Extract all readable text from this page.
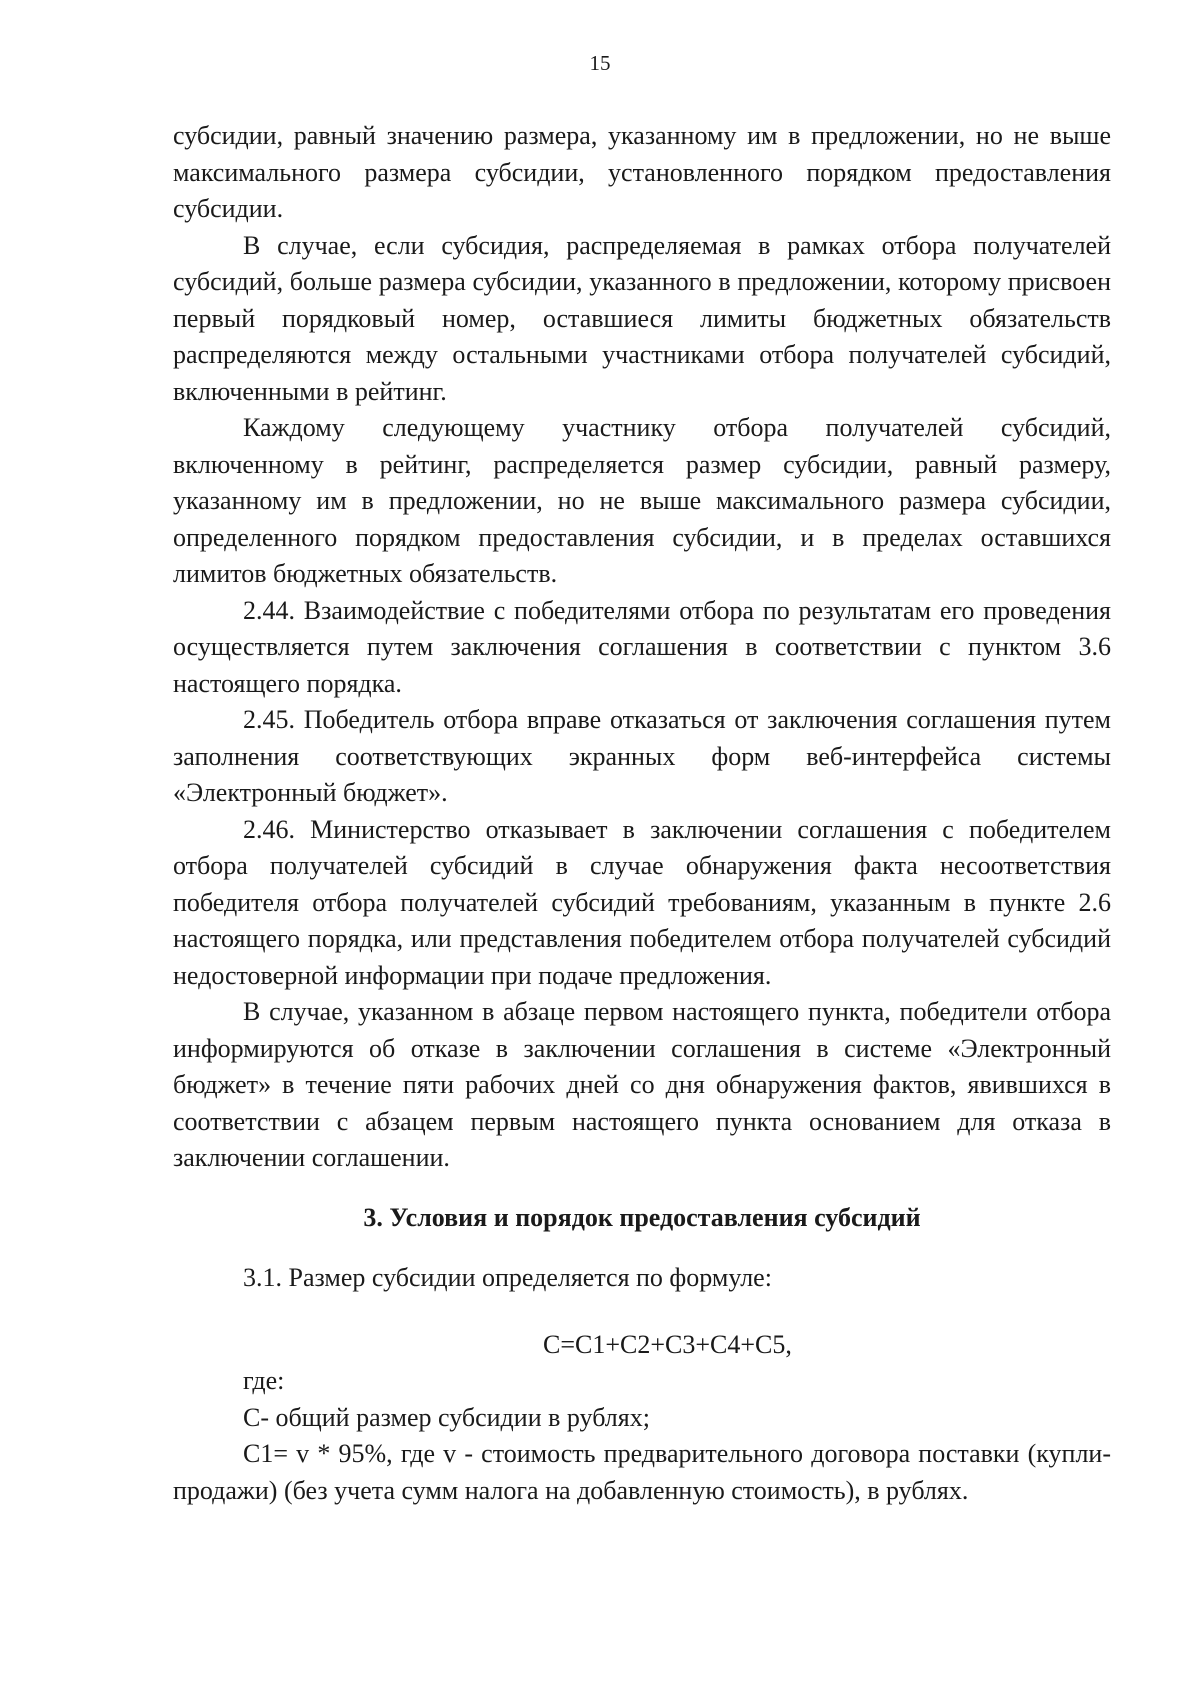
15

субсидии, равный значению размера, указанному им в предложении, но не выше максимального размера субсидии, установленного порядком предоставления субсидии.

В случае, если субсидия, распределяемая в рамках отбора получателей субсидий, больше размера субсидии, указанного в предложении, которому присвоен первый порядковый номер, оставшиеся лимиты бюджетных обязательств распределяются между остальными участниками отбора получателей субсидий, включенными в рейтинг.

Каждому следующему участнику отбора получателей субсидий, включенному в рейтинг, распределяется размер субсидии, равный размеру, указанному им в предложении, но не выше максимального размера субсидии, определенного порядком предоставления субсидии, и в пределах оставшихся лимитов бюджетных обязательств.

2.44. Взаимодействие с победителями отбора по результатам его проведения осуществляется путем заключения соглашения в соответствии с пунктом 3.6 настоящего порядка.

2.45. Победитель отбора вправе отказаться от заключения соглашения путем заполнения соответствующих экранных форм веб-интерфейса системы «Электронный бюджет».

2.46. Министерство отказывает в заключении соглашения с победителем отбора получателей субсидий в случае обнаружения факта несоответствия победителя отбора получателей субсидий требованиям, указанным в пункте 2.6 настоящего порядка, или представления победителем отбора получателей субсидий недостоверной информации при подаче предложения.

В случае, указанном в абзаце первом настоящего пункта, победители отбора информируются об отказе в заключении соглашения в системе «Электронный бюджет» в течение пяти рабочих дней со дня обнаружения фактов, явившихся в соответствии с абзацем первым настоящего пункта основанием для отказа в заключении соглашении.

3. Условия и порядок предоставления субсидий

3.1. Размер субсидии определяется по формуле:

С=С1+С2+С3+С4+С5,

где:

С- общий размер субсидии в рублях;

С1= v * 95%, где v - стоимость предварительного договора поставки (купли-продажи) (без учета сумм налога на добавленную стоимость), в рублях.
